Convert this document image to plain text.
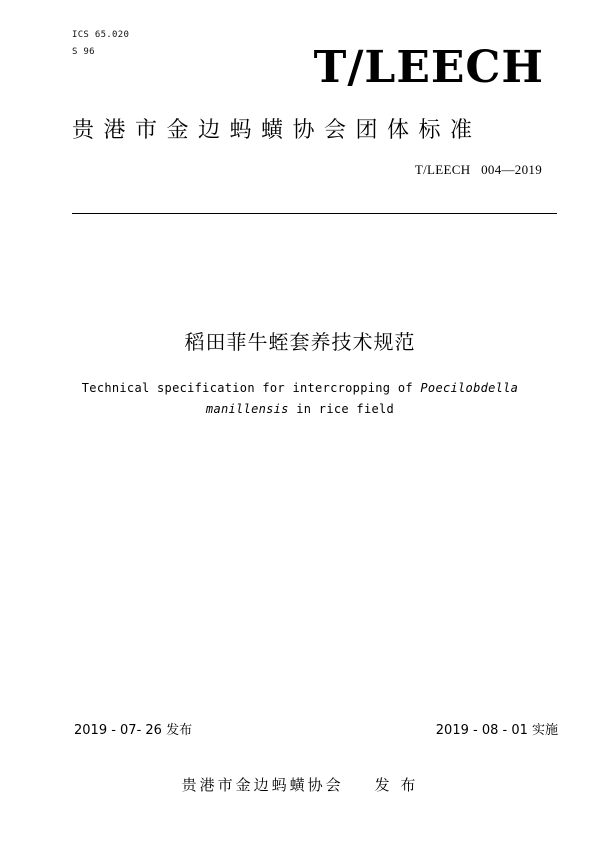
ICS 65.020
S 96	T/LEECH
贵港市金边蚂蟥协会团体标准
T/LEECH   004—2019
稻田菲牛蛭套养技术规范
Technical specification for intercropping of Poecilobdella
manillensis in rice field
2019 - 07- 26 发布	2019 - 08 - 01 实施
贵港市金边蚂蟥协会    发 布
